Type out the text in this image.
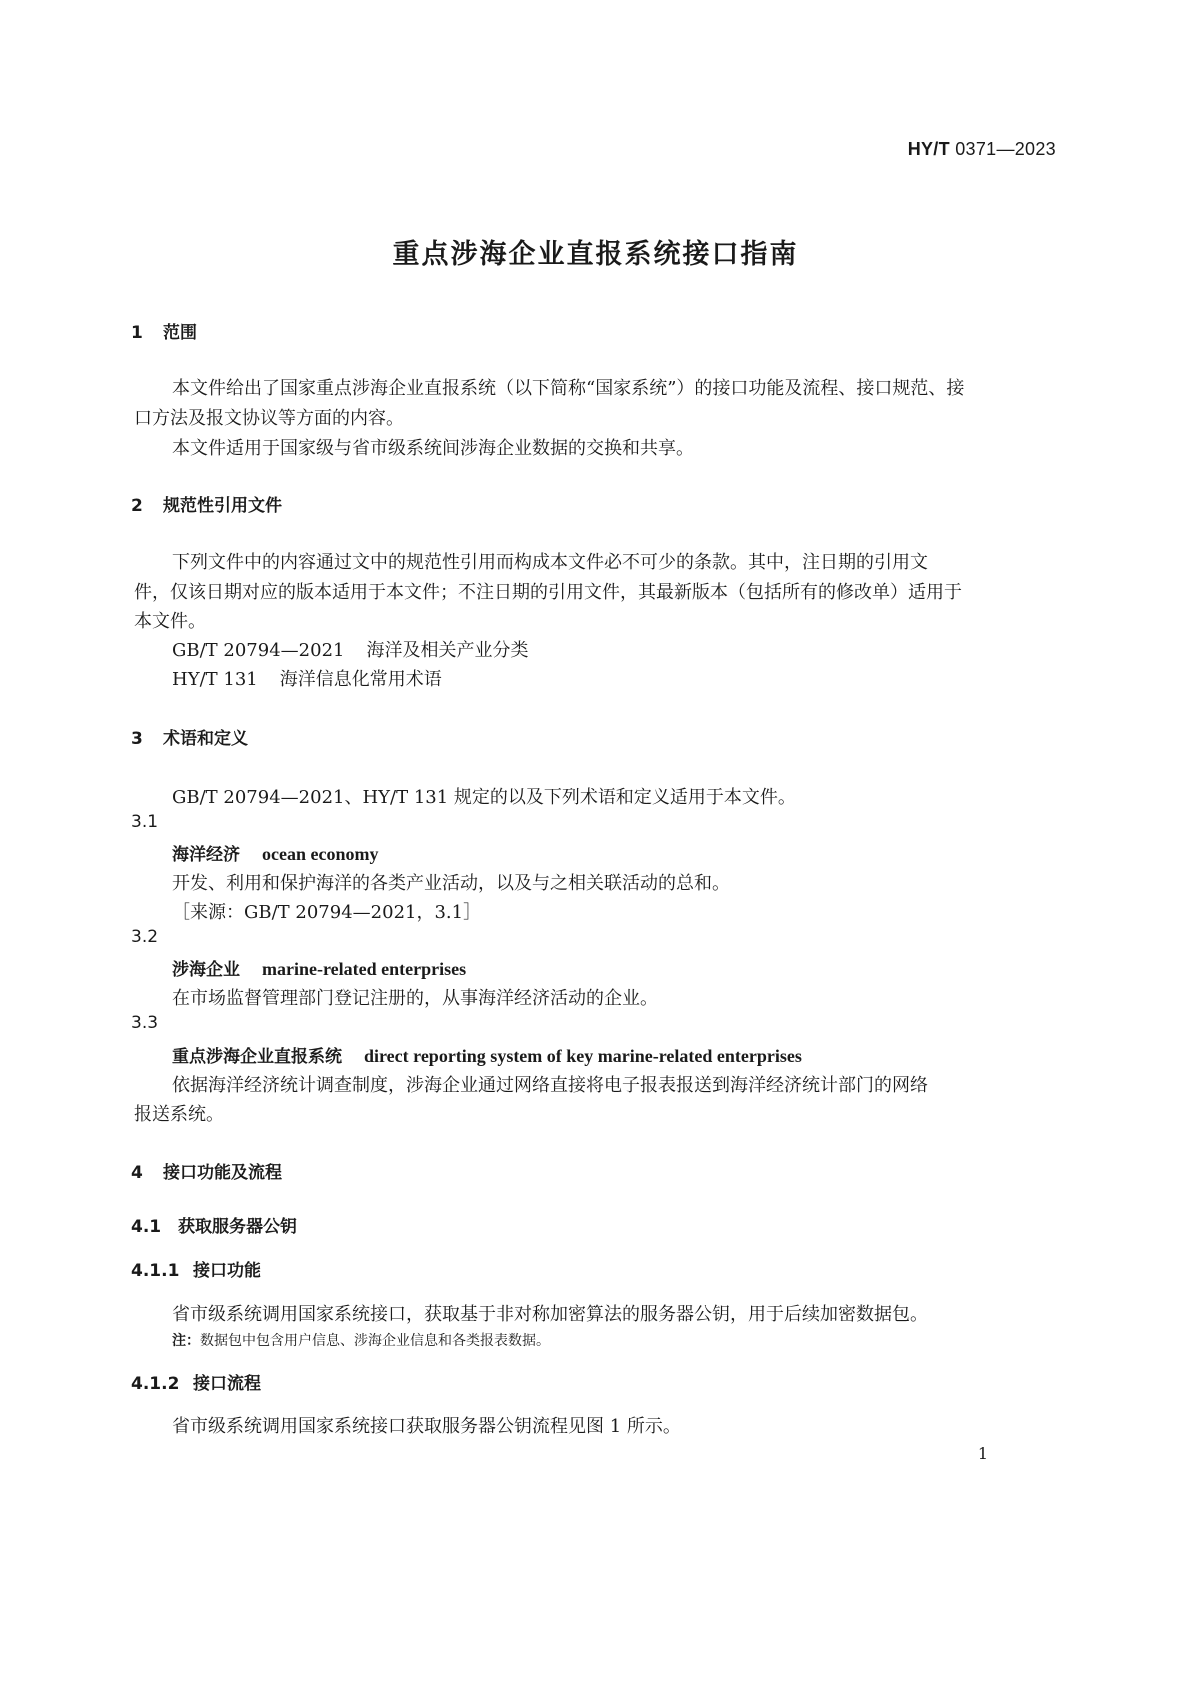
HY/T 0371—2023
重点涉海企业直报系统接口指南
1 范围
本文件给出了国家重点涉海企业直报系统（以下简称“国家系统”）的接口功能及流程、接口规范、接
口方法及报文协议等方面的内容。
本文件适用于国家级与省市级系统间涉海企业数据的交换和共享。
2 规范性引用文件
下列文件中的内容通过文中的规范性引用而构成本文件必不可少的条款。其中，注日期的引用文
件，仅该日期对应的版本适用于本文件；不注日期的引用文件，其最新版本（包括所有的修改单）适用于
本文件。
GB/T 20794—2021 海洋及相关产业分类
HY/T 131 海洋信息化常用术语
3 术语和定义
GB/T 20794—2021、HY/T 131 规定的以及下列术语和定义适用于本文件。
3.1
海洋经济 ocean economy
开发、利用和保护海洋的各类产业活动，以及与之相关联活动的总和。
［来源：GB/T 20794—2021，3.1］
3.2
涉海企业 marine-related enterprises
在市场监督管理部门登记注册的，从事海洋经济活动的企业。
3.3
重点涉海企业直报系统 direct reporting system of key marine-related enterprises
依据海洋经济统计调查制度，涉海企业通过网络直接将电子报表报送到海洋经济统计部门的网络
报送系统。
4 接口功能及流程
4.1 获取服务器公钥
4.1.1 接口功能
省市级系统调用国家系统接口，获取基于非对称加密算法的服务器公钥，用于后续加密数据包。
注：数据包中包含用户信息、涉海企业信息和各类报表数据。
4.1.2 接口流程
省市级系统调用国家系统接口获取服务器公钥流程见图 1 所示。
1
